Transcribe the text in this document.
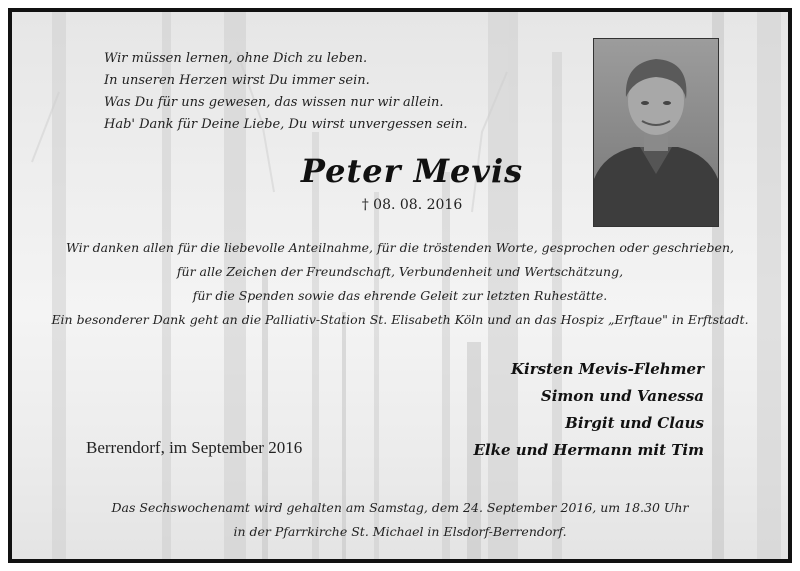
Wir müssen lernen, ohne Dich zu leben.
In unseren Herzen wirst Du immer sein.
Was Du für uns gewesen, das wissen nur wir allein.
Hab' Dank für Deine Liebe, Du wirst unvergessen sein.
Peter Mevis
† 08. 08. 2016
Wir danken allen für die liebevolle Anteilnahme, für die tröstenden Worte, gesprochen oder geschrieben,
für alle Zeichen der Freundschaft, Verbundenheit und Wertschätzung,
für die Spenden sowie das ehrende Geleit zur letzten Ruhestätte.
Ein besonderer Dank geht an die Palliativ-Station St. Elisabeth Köln und an das Hospiz „Erftaue" in Erftstadt.
Kirsten Mevis-Flehmer
Simon und Vanessa
Birgit und Claus
Elke und Hermann mit Tim
Berrendorf, im September 2016
Das Sechswochenamt wird gehalten am Samstag, dem 24. September 2016, um 18.30 Uhr
in der Pfarrkirche St. Michael in Elsdorf-Berrendorf.
